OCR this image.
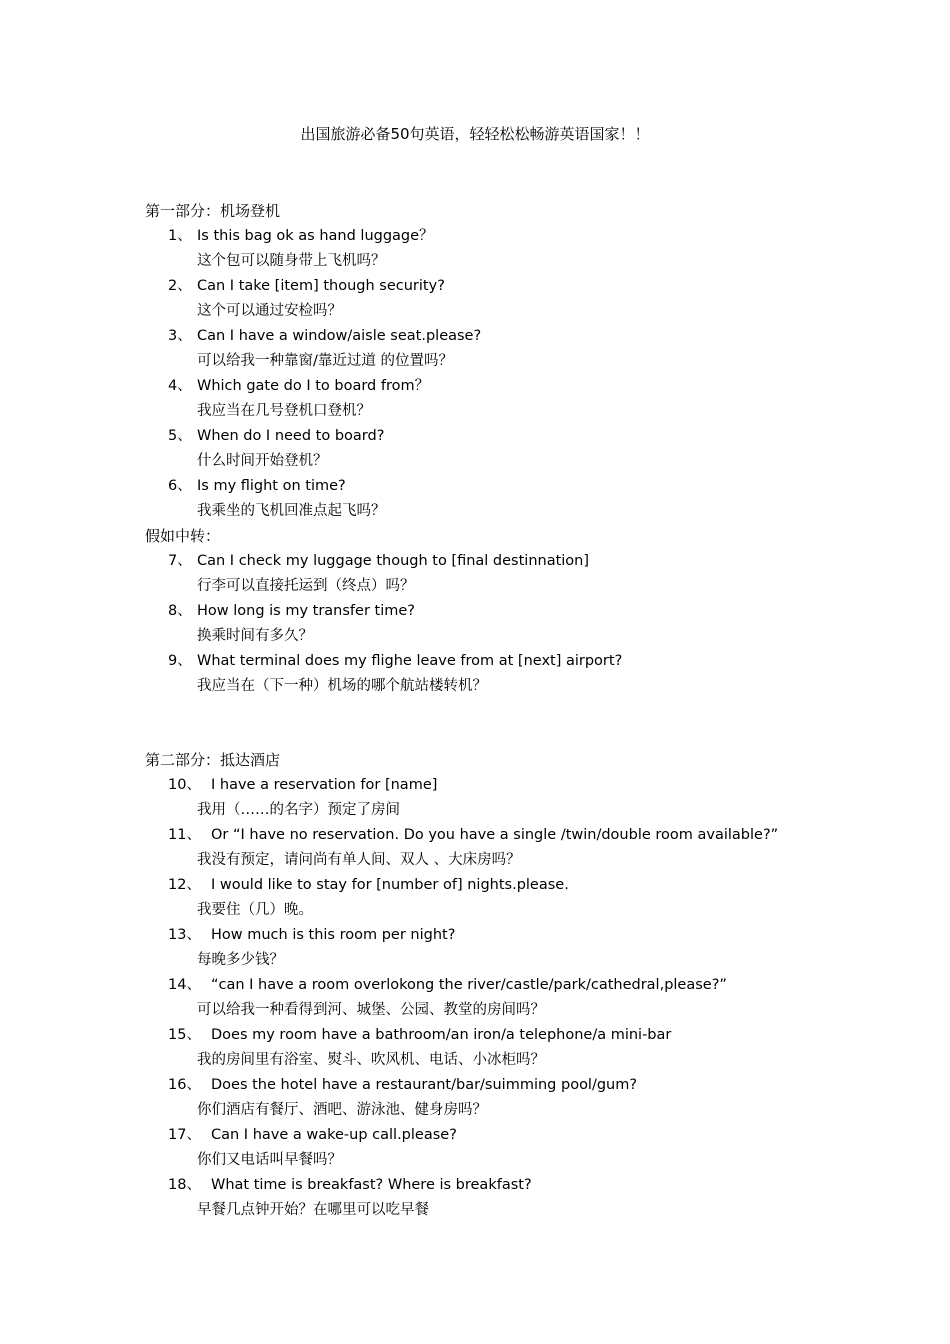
出国旅游必备50句英语，轻轻松松畅游英语国家！！
第一部分：机场登机
1、 Is this bag ok as hand luggage？
这个包可以随身带上飞机吗？
2、 Can I take [item] though security?
这个可以通过安检吗？
3、 Can I have a window/aisle seat.please?
可以给我一种靠窗/靠近过道 的位置吗？
4、 Which gate do I to board from？
我应当在几号登机口登机？
5、 When do I need to board?
什么时间开始登机？
6、 Is my flight on time?
我乘坐的飞机回准点起飞吗？
假如中转：
7、 Can I check my luggage though to [final destinnation]
行李可以直接托运到（终点）吗？
8、 How long is my transfer time?
换乘时间有多久？
9、 What terminal does my flighe leave from at [next] airport?
我应当在（下一种）机场的哪个航站楼转机？
第二部分：抵达酒店
10、 I have a reservation for [name]
我用（……的名字）预定了房间
11、 Or “I have no reservation. Do you have a single /twin/double room available?”
我没有预定，请问尚有单人间、双人 、大床房吗？
12、 I would like to stay for [number of] nights.please.
我要住（几）晚。
13、 How much is this room per night?
每晚多少钱？
14、 “can I have a room overlokong the river/castle/park/cathedral,please?”
可以给我一种看得到河、城堡、公园、教堂的房间吗？
15、 Does my room have a bathroom/an iron/a telephone/a mini-bar
我的房间里有浴室、熨斗、吹风机、电话、小冰柜吗？
16、 Does the hotel have a restaurant/bar/suimming pool/gum?
你们酒店有餐厅、酒吧、游泳池、健身房吗？
17、 Can I have a wake-up call.please?
你们又电话叫早餐吗？
18、 What time is breakfast? Where is breakfast?
早餐几点钟开始？在哪里可以吃早餐
